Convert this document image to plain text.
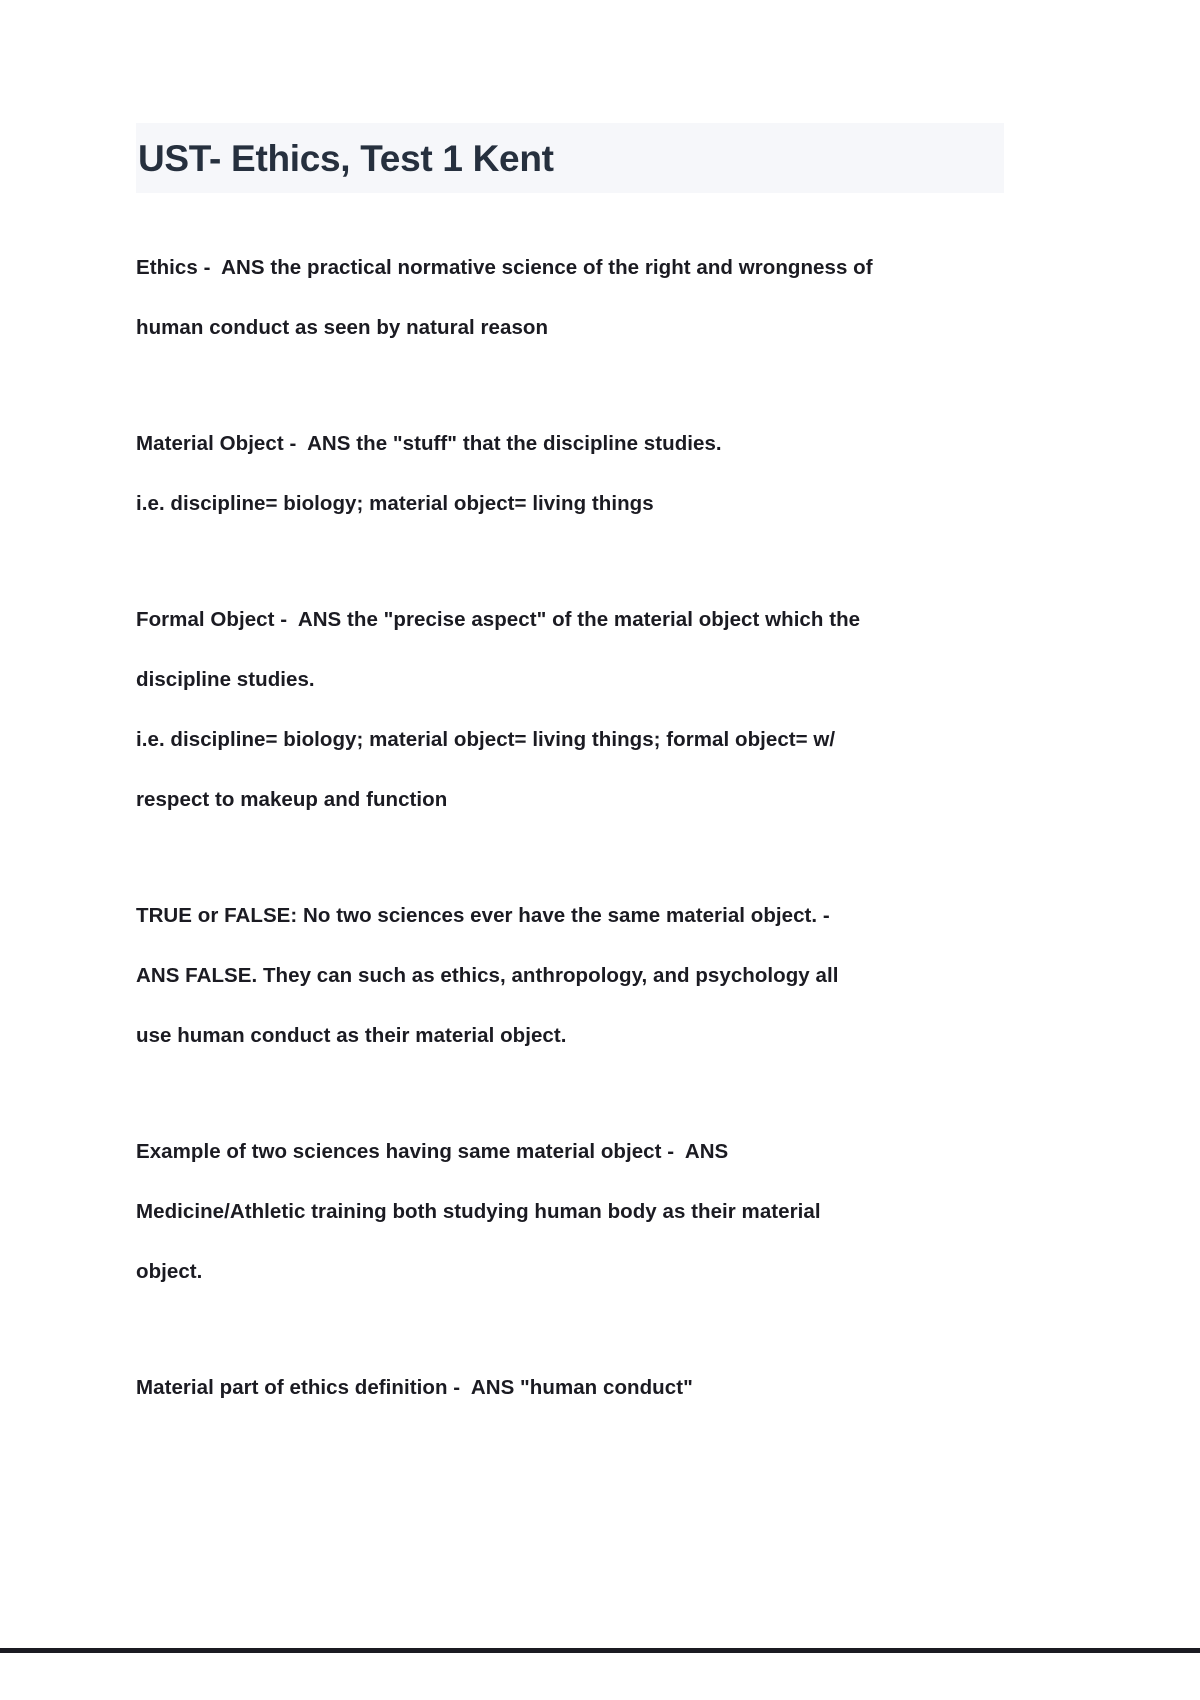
UST- Ethics, Test 1 Kent
Ethics -  ANS the practical normative science of the right and wrongness of
human conduct as seen by natural reason
Material Object -  ANS the "stuff" that the discipline studies.
i.e. discipline= biology; material object= living things
Formal Object -  ANS the "precise aspect" of the material object which the
discipline studies.
i.e. discipline= biology; material object= living things; formal object= w/
respect to makeup and function
TRUE or FALSE: No two sciences ever have the same material object. -
ANS FALSE. They can such as ethics, anthropology, and psychology all
use human conduct as their material object.
Example of two sciences having same material object -  ANS
Medicine/Athletic training both studying human body as their material
object.
Material part of ethics definition -  ANS "human conduct"
